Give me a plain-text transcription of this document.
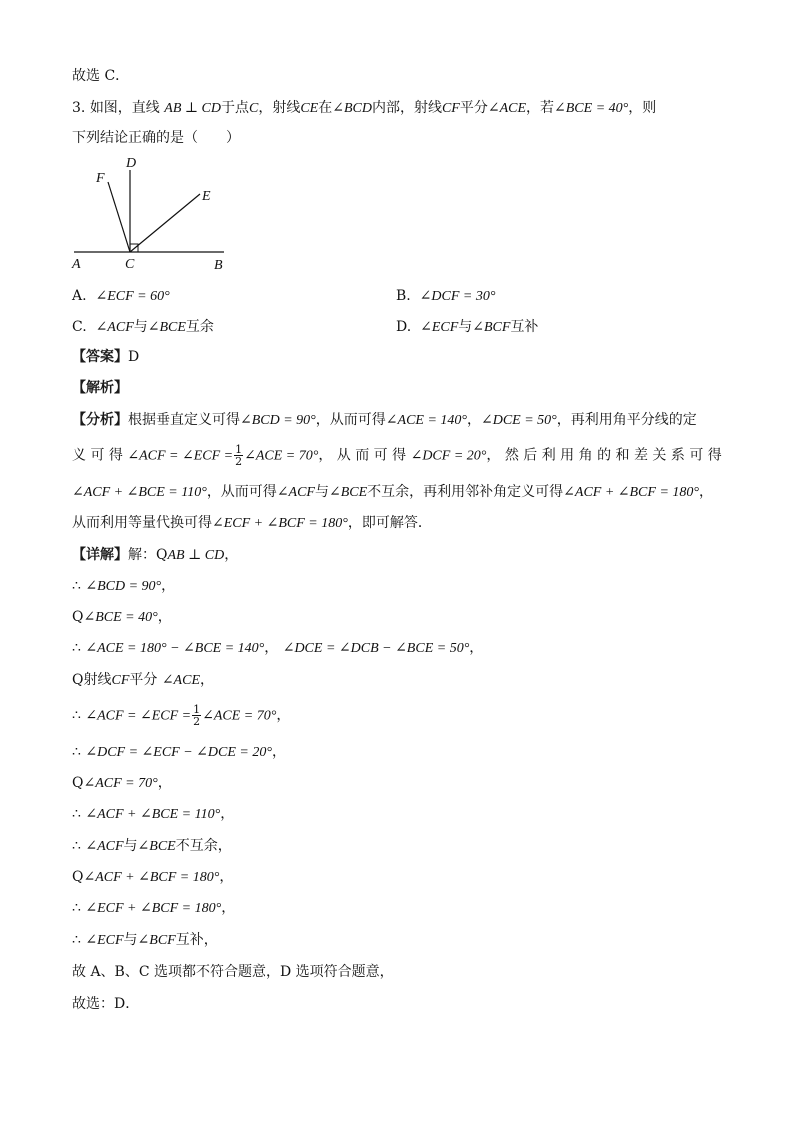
故选 C．
3. 如图，直线 AB ⊥ CD于点C，射线CE在∠BCD内部，射线CF平分∠ACE，若∠BCE = 40°，则
下列结论正确的是（　　）
F
D
E
A	C	B
A. ∠ECF = 60°	B. ∠DCF = 30°
C. ∠ACF与∠BCE互余	D. ∠ECF与∠BCF互补
【答案】D
【解析】
【分析】根据垂直定义可得∠BCD = 90°，从而可得∠ACE = 140°，∠DCE = 50°，再利用角平分线的定
义 可 得 ∠ACF = ∠ECF = $\frac{1}{2}$ ∠ACE = 70°， 从 而 可 得 ∠DCF = 20°， 然 后 利 用 角 的 和 差 关 系 可 得
∠ACF + ∠BCE = 110°，从而可得∠ACF与∠BCE不互余，再利用邻补角定义可得∠ACF + ∠BCF = 180°，
从而利用等量代换可得∠ECF + ∠BCF = 180°，即可解答．
【详解】解：QAB ⊥ CD，
∴ ∠BCD = 90°，
Q∠BCE = 40°，
∴ ∠ACE = 180° − ∠BCE = 140°， ∠DCE = ∠DCB − ∠BCE = 50°，
Q射线CF平分 ∠ACE，
∴ ∠ACF = ∠ECF = $\frac{1}{2}$ ∠ACE = 70°，
∴ ∠DCF = ∠ECF − ∠DCE = 20°，
Q∠ACF = 70°，
∴ ∠ACF + ∠BCE = 110°，
∴ ∠ACF与∠BCE不互余，
Q∠ACF + ∠BCF = 180°，
∴ ∠ECF + ∠BCF = 180°，
∴ ∠ECF与∠BCF互补，
故 A、B、C 选项都不符合题意，D 选项符合题意，
故选：D．
